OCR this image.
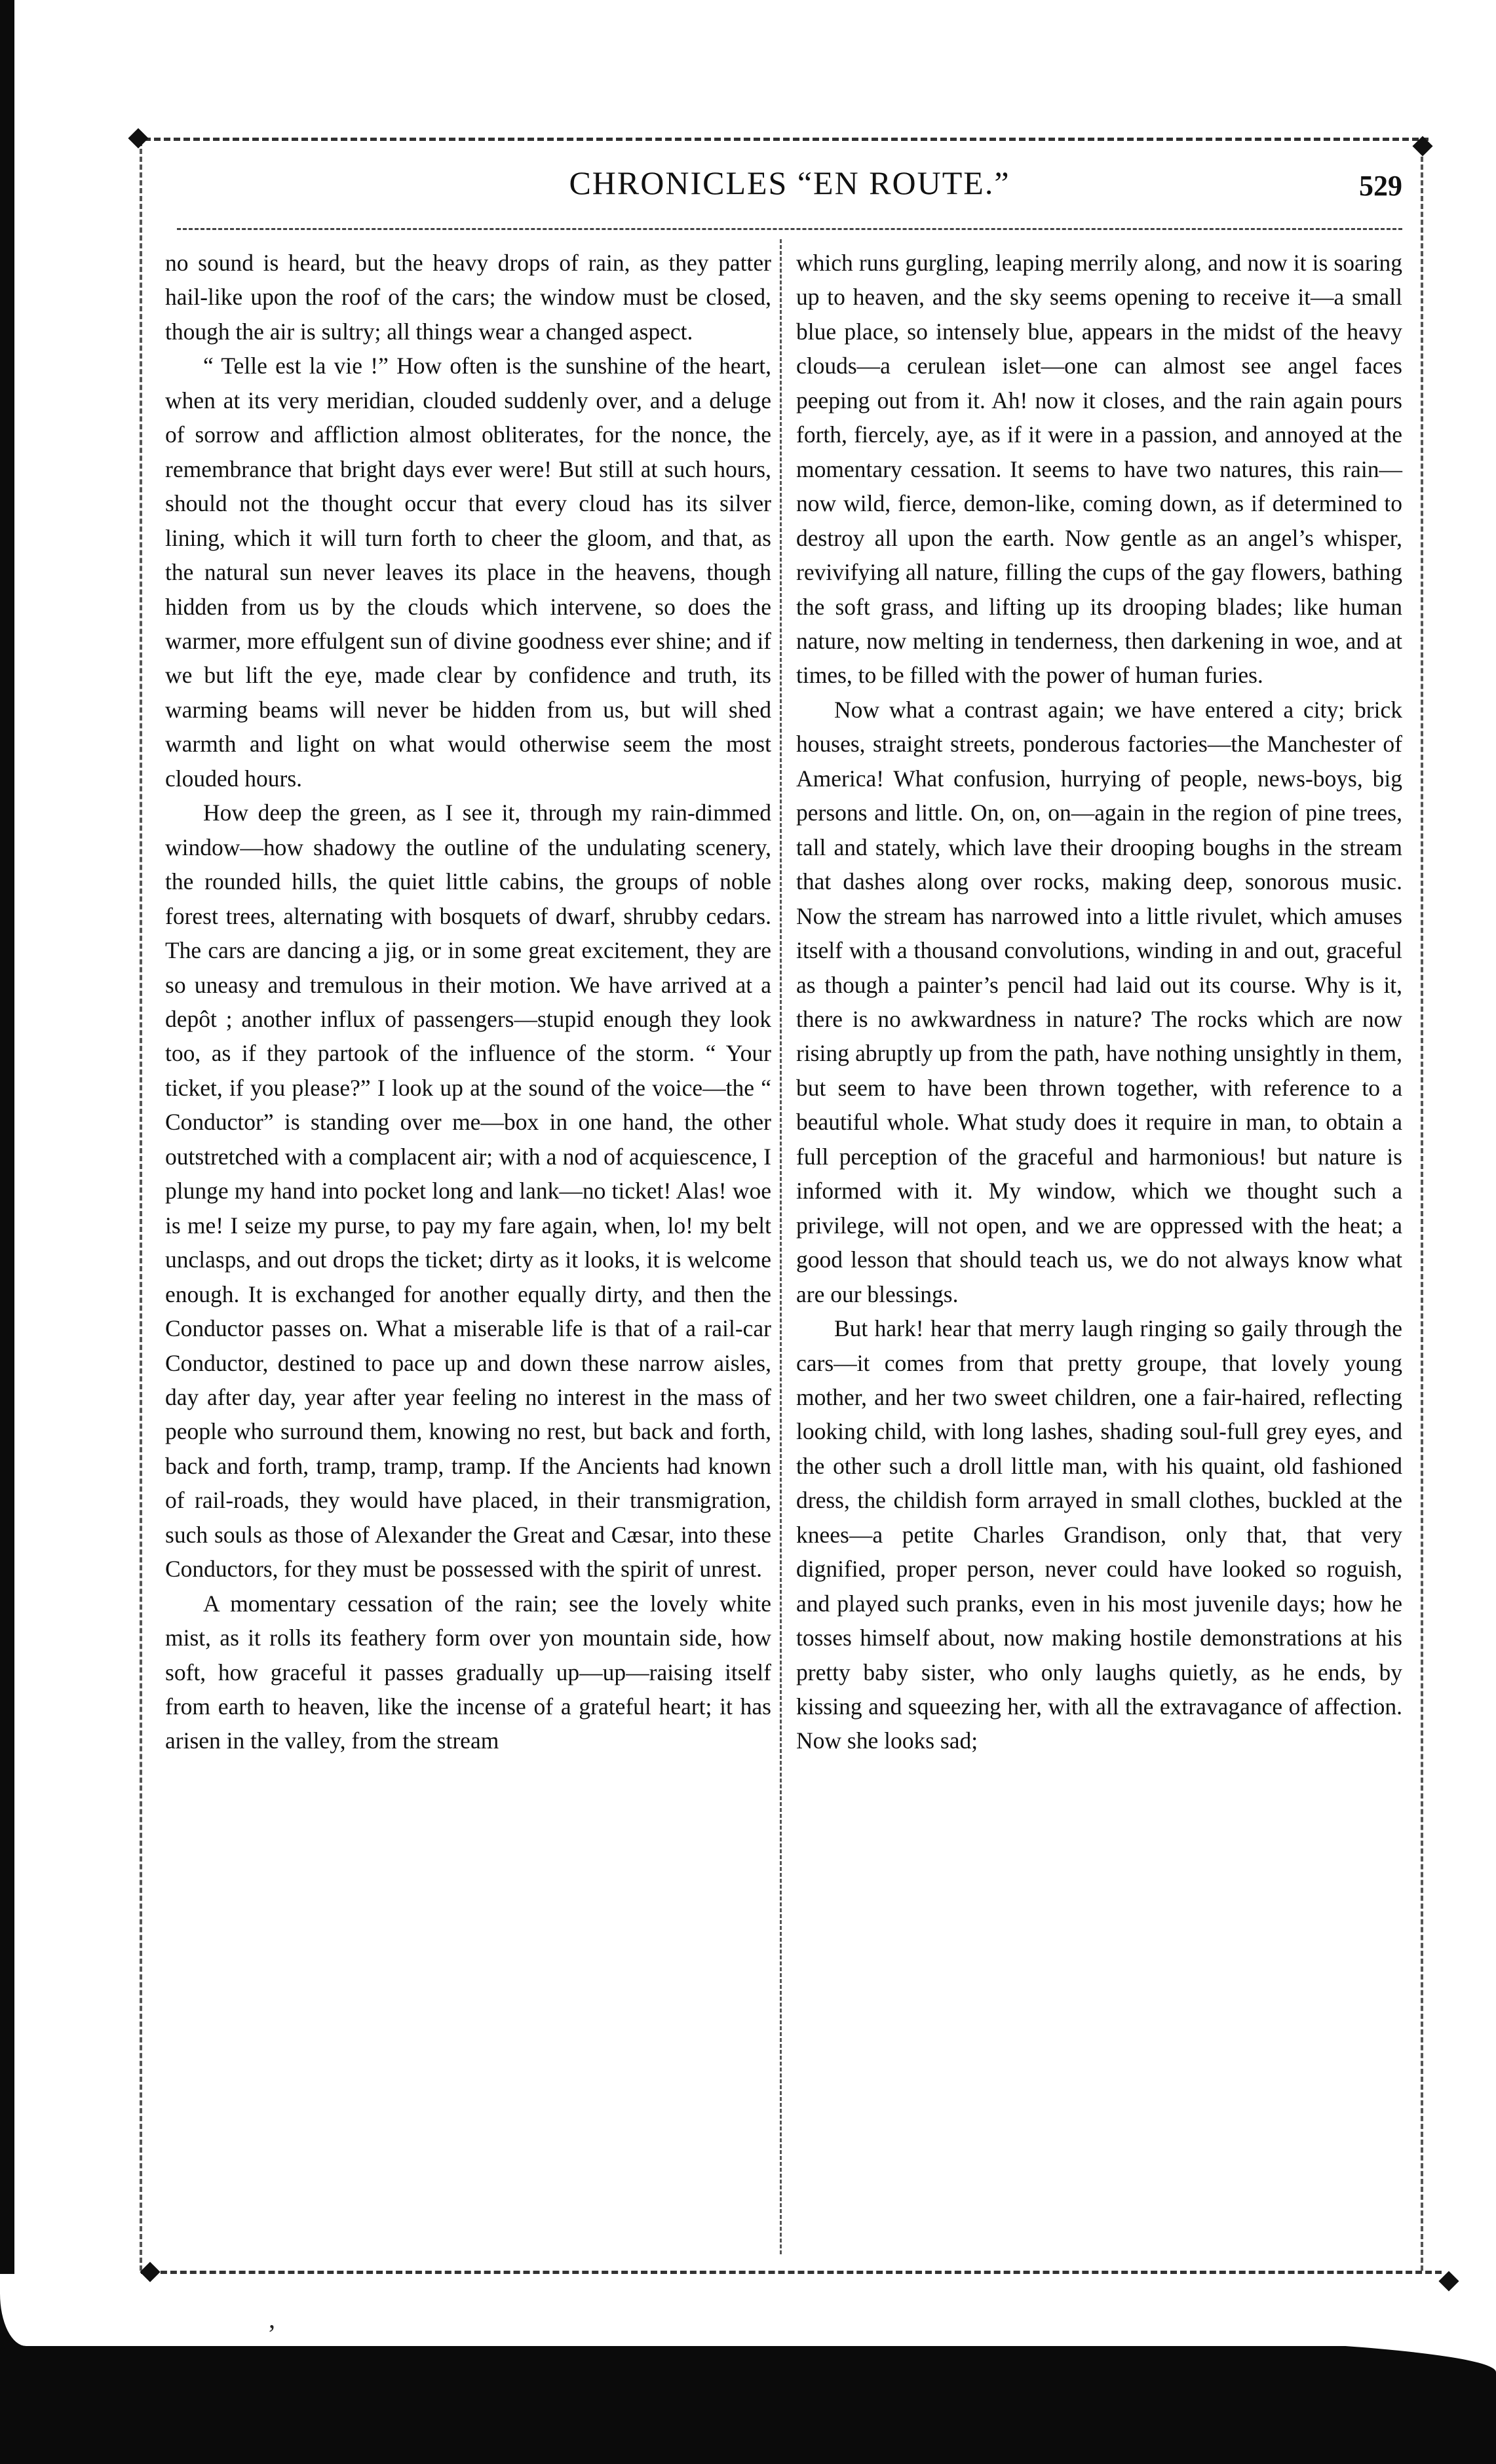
CHRONICLES “EN ROUTE.”	529

no sound is heard, but the heavy drops of rain, as they patter hail-like upon the roof of the cars; the window must be closed, though the air is sultry; all things wear a changed aspect.

“ Telle est la vie !” How often is the sunshine of the heart, when at its very meridian, clouded suddenly over, and a deluge of sorrow and affliction almost obliterates, for the nonce, the remembrance that bright days ever were! But still at such hours, should not the thought occur that every cloud has its silver lining, which it will turn forth to cheer the gloom, and that, as the natural sun never leaves its place in the heavens, though hidden from us by the clouds which intervene, so does the warmer, more effulgent sun of divine goodness ever shine; and if we but lift the eye, made clear by confidence and truth, its warming beams will never be hidden from us, but will shed warmth and light on what would otherwise seem the most clouded hours.

How deep the green, as I see it, through my rain-dimmed window—how shadowy the outline of the undulating scenery, the rounded hills, the quiet little cabins, the groups of noble forest trees, alternating with bosquets of dwarf, shrubby cedars. The cars are dancing a jig, or in some great excitement, they are so uneasy and tremulous in their motion. We have arrived at a depôt ; another influx of passengers—stupid enough they look too, as if they partook of the influence of the storm. “ Your ticket, if you please?” I look up at the sound of the voice—the “ Conductor” is standing over me—box in one hand, the other outstretched with a complacent air; with a nod of acquiescence, I plunge my hand into pocket long and lank—no ticket! Alas! woe is me! I seize my purse, to pay my fare again, when, lo! my belt unclasps, and out drops the ticket; dirty as it looks, it is welcome enough. It is exchanged for another equally dirty, and then the Conductor passes on. What a miserable life is that of a rail-car Conductor, destined to pace up and down these narrow aisles, day after day, year after year feeling no interest in the mass of people who surround them, knowing no rest, but back and forth, back and forth, tramp, tramp, tramp. If the Ancients had known of rail-roads, they would have placed, in their transmigration, such souls as those of Alexander the Great and Cæsar, into these Conductors, for they must be possessed with the spirit of unrest.

A momentary cessation of the rain; see the lovely white mist, as it rolls its feathery form over yon mountain side, how soft, how graceful it passes gradually up—up—raising itself from earth to heaven, like the incense of a grateful heart; it has arisen in the valley, from the stream

which runs gurgling, leaping merrily along, and now it is soaring up to heaven, and the sky seems opening to receive it—a small blue place, so intensely blue, appears in the midst of the heavy clouds—a cerulean islet—one can almost see angel faces peeping out from it. Ah! now it closes, and the rain again pours forth, fiercely, aye, as if it were in a passion, and annoyed at the momentary cessation. It seems to have two natures, this rain—now wild, fierce, demon-like, coming down, as if determined to destroy all upon the earth. Now gentle as an angel’s whisper, revivifying all nature, filling the cups of the gay flowers, bathing the soft grass, and lifting up its drooping blades; like human nature, now melting in tenderness, then darkening in woe, and at times, to be filled with the power of human furies.

Now what a contrast again; we have entered a city; brick houses, straight streets, ponderous factories—the Manchester of America! What confusion, hurrying of people, news-boys, big persons and little. On, on, on—again in the region of pine trees, tall and stately, which lave their drooping boughs in the stream that dashes along over rocks, making deep, sonorous music. Now the stream has narrowed into a little rivulet, which amuses itself with a thousand convolutions, winding in and out, graceful as though a painter’s pencil had laid out its course. Why is it, there is no awkwardness in nature? The rocks which are now rising abruptly up from the path, have nothing unsightly in them, but seem to have been thrown together, with reference to a beautiful whole. What study does it require in man, to obtain a full perception of the graceful and harmonious! but nature is informed with it. My window, which we thought such a privilege, will not open, and we are oppressed with the heat; a good lesson that should teach us, we do not always know what are our blessings.

But hark! hear that merry laugh ringing so gaily through the cars—it comes from that pretty groupe, that lovely young mother, and her two sweet children, one a fair-haired, reflecting looking child, with long lashes, shading soul-full grey eyes, and the other such a droll little man, with his quaint, old fashioned dress, the childish form arrayed in small clothes, buckled at the knees—a petite Charles Grandison, only that, that very dignified, proper person, never could have looked so roguish, and played such pranks, even in his most juvenile days; how he tosses himself about, now making hostile demonstrations at his pretty baby sister, who only laughs quietly, as he ends, by kissing and squeezing her, with all the extravagance of affection. Now she looks sad;

,
